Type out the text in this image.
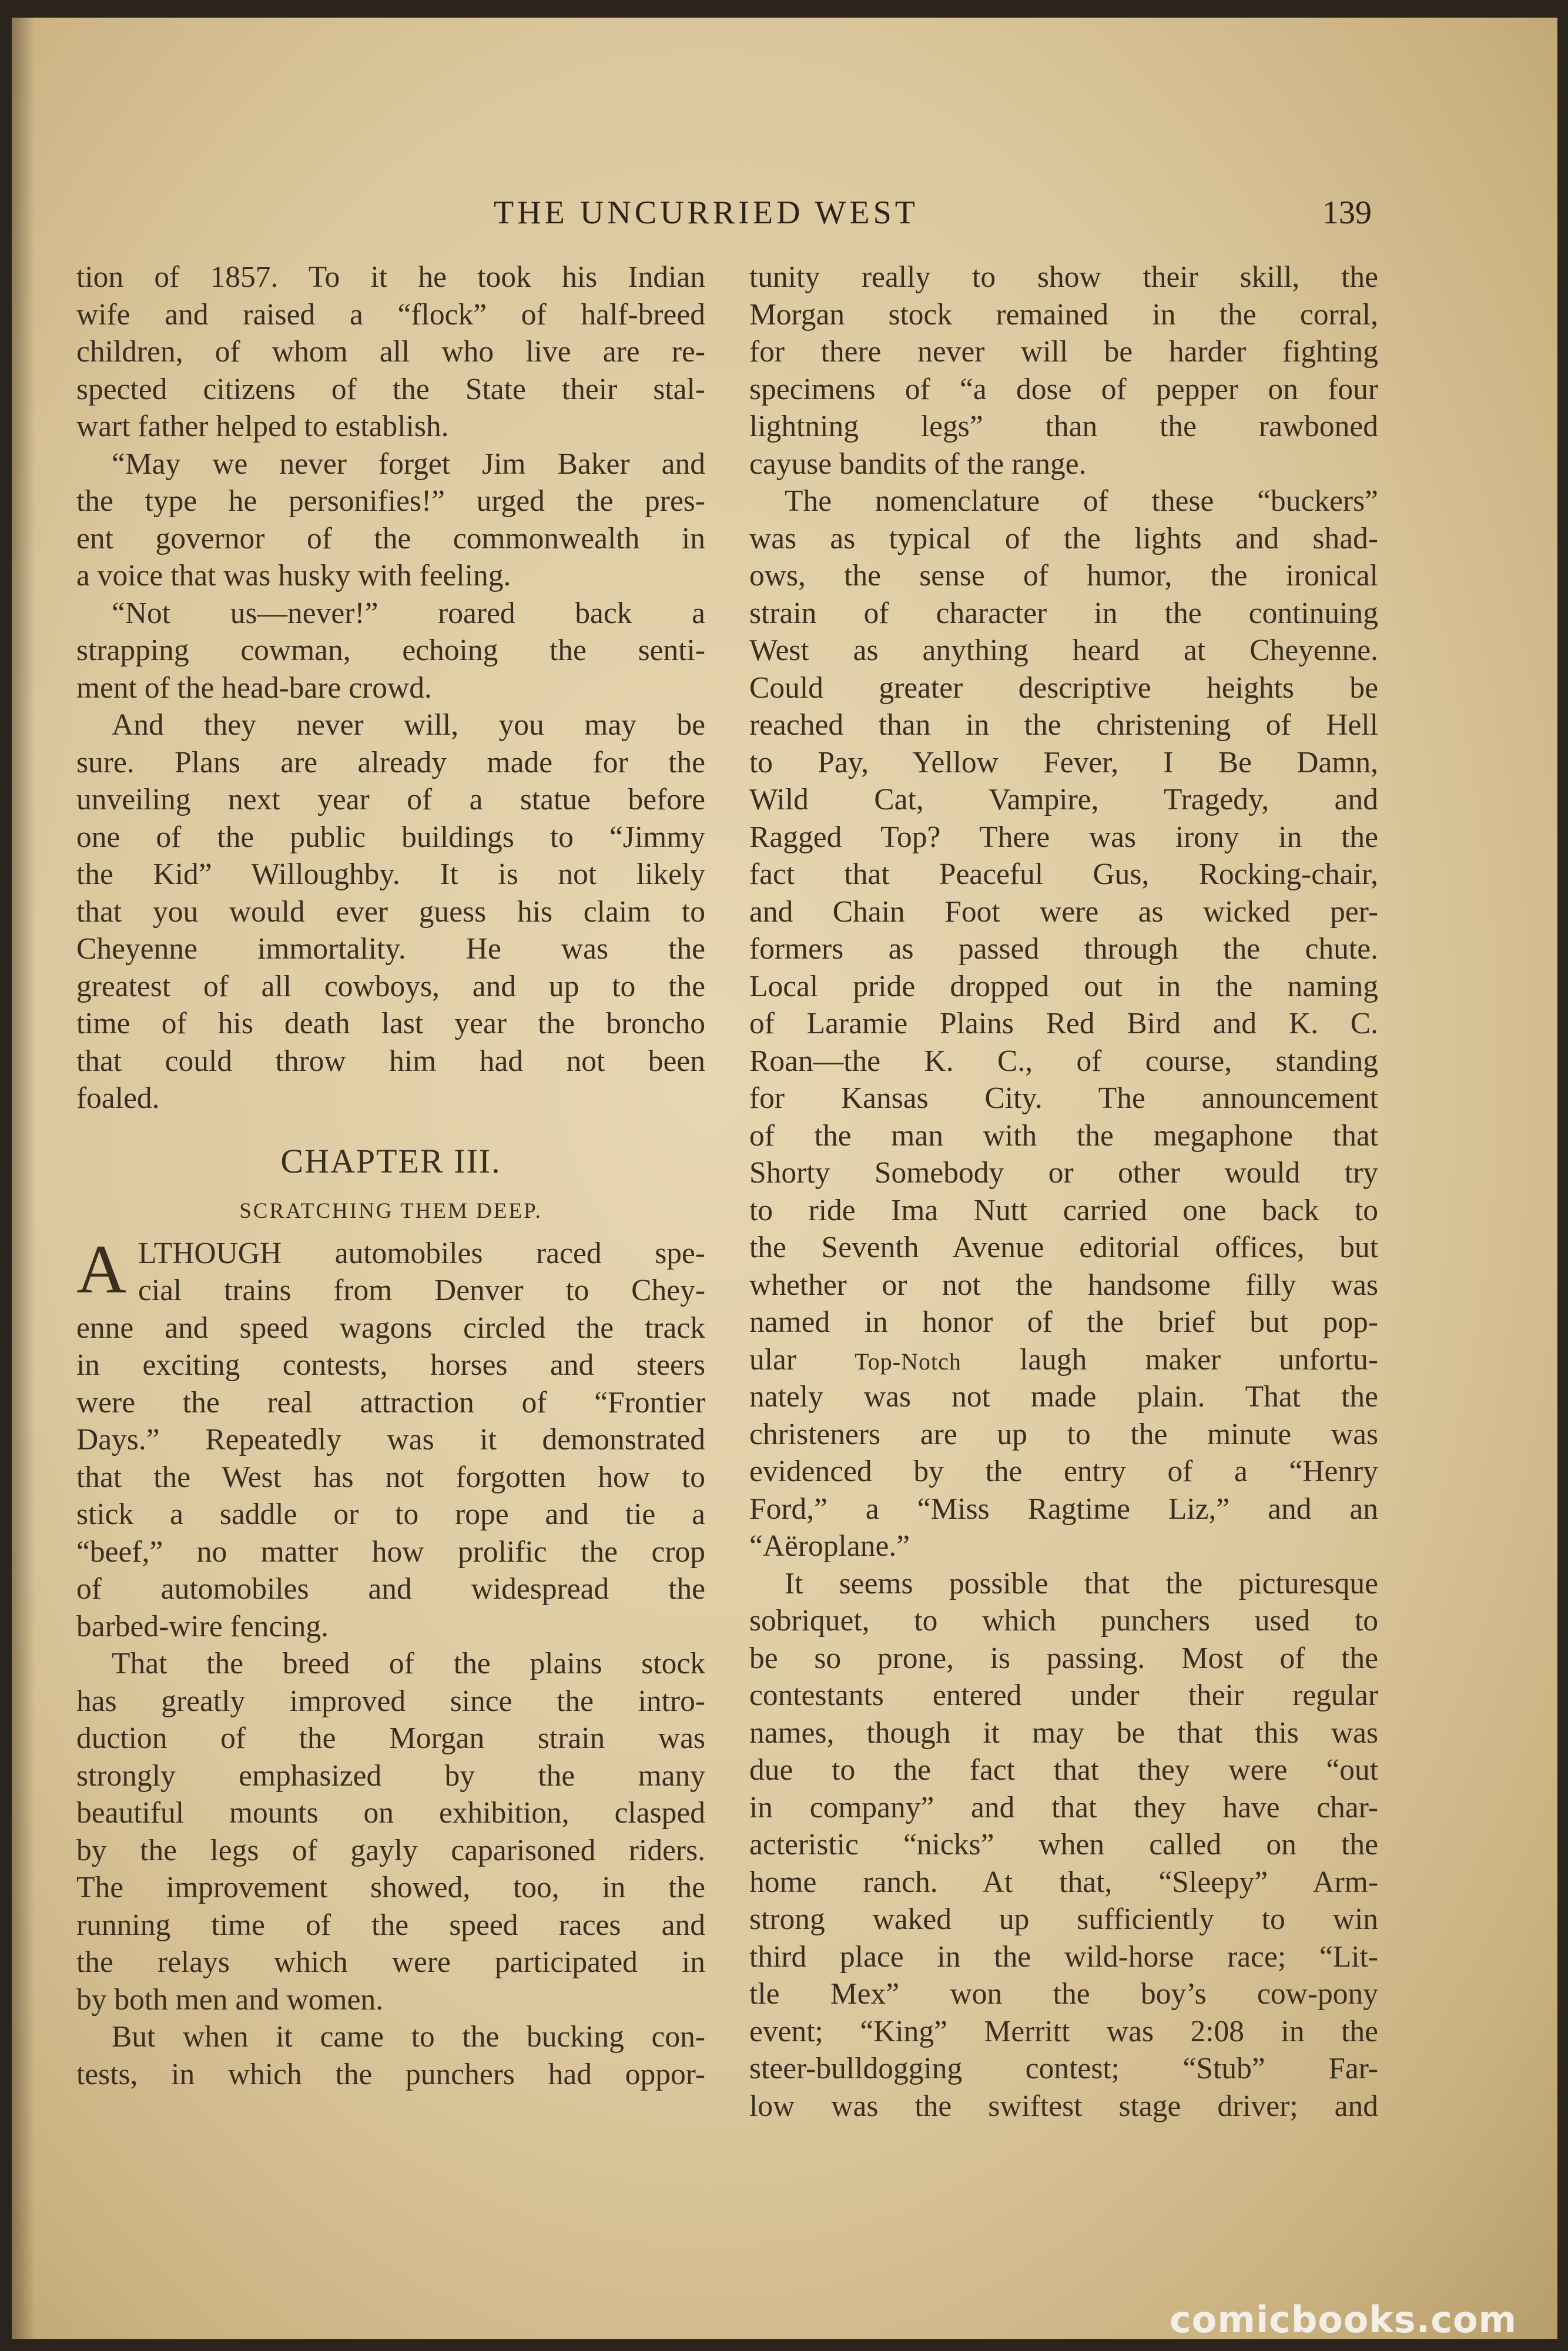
THE UNCURRIED WEST	139
tion of 1857. To it he took his Indian
wife and raised a “flock” of half-breed
children, of whom all who live are re-
spected citizens of the State their stal-
wart father helped to establish.
“May we never forget Jim Baker and
the type he personifies!” urged the pres-
ent governor of the commonwealth in
a voice that was husky with feeling.
“Not us—never!” roared back a
strapping cowman, echoing the senti-
ment of the head-bare crowd.
And they never will, you may be
sure. Plans are already made for the
unveiling next year of a statue before
one of the public buildings to “Jimmy
the Kid” Willoughby. It is not likely
that you would ever guess his claim to
Cheyenne immortality. He was the
greatest of all cowboys, and up to the
time of his death last year the broncho
that could throw him had not been
foaled.
CHAPTER III.
SCRATCHING THEM DEEP.
A LTHOUGH automobiles raced spe-
cial trains from Denver to Chey-
enne and speed wagons circled the track
in exciting contests, horses and steers
were the real attraction of “Frontier
Days.” Repeatedly was it demonstrated
that the West has not forgotten how to
stick a saddle or to rope and tie a
“beef,” no matter how prolific the crop
of automobiles and widespread the
barbed-wire fencing.
That the breed of the plains stock
has greatly improved since the intro-
duction of the Morgan strain was
strongly emphasized by the many
beautiful mounts on exhibition, clasped
by the legs of gayly caparisoned riders.
The improvement showed, too, in the
running time of the speed races and
the relays which were participated in
by both men and women.
But when it came to the bucking con-
tests, in which the punchers had oppor-
tunity really to show their skill, the
Morgan stock remained in the corral,
for there never will be harder fighting
specimens of “a dose of pepper on four
lightning legs” than the rawboned
cayuse bandits of the range.
The nomenclature of these “buckers”
was as typical of the lights and shad-
ows, the sense of humor, the ironical
strain of character in the continuing
West as anything heard at Cheyenne.
Could greater descriptive heights be
reached than in the christening of Hell
to Pay, Yellow Fever, I Be Damn,
Wild Cat, Vampire, Tragedy, and
Ragged Top? There was irony in the
fact that Peaceful Gus, Rocking-chair,
and Chain Foot were as wicked per-
formers as passed through the chute.
Local pride dropped out in the naming
of Laramie Plains Red Bird and K. C.
Roan—the K. C., of course, standing
for Kansas City. The announcement
of the man with the megaphone that
Shorty Somebody or other would try
to ride Ima Nutt carried one back to
the Seventh Avenue editorial offices, but
whether or not the handsome filly was
named in honor of the brief but pop-
ular Top-Notch laugh maker unfortu-
nately was not made plain. That the
christeners are up to the minute was
evidenced by the entry of a “Henry
Ford,” a “Miss Ragtime Liz,” and an
“Aëroplane.”
It seems possible that the picturesque
sobriquet, to which punchers used to
be so prone, is passing. Most of the
contestants entered under their regular
names, though it may be that this was
due to the fact that they were “out
in company” and that they have char-
acteristic “nicks” when called on the
home ranch. At that, “Sleepy” Arm-
strong waked up sufficiently to win
third place in the wild-horse race; “Lit-
tle Mex” won the boy’s cow-pony
event; “King” Merritt was 2:08 in the
steer-bulldogging contest; “Stub” Far-
low was the swiftest stage driver; and
comicbooks.com
